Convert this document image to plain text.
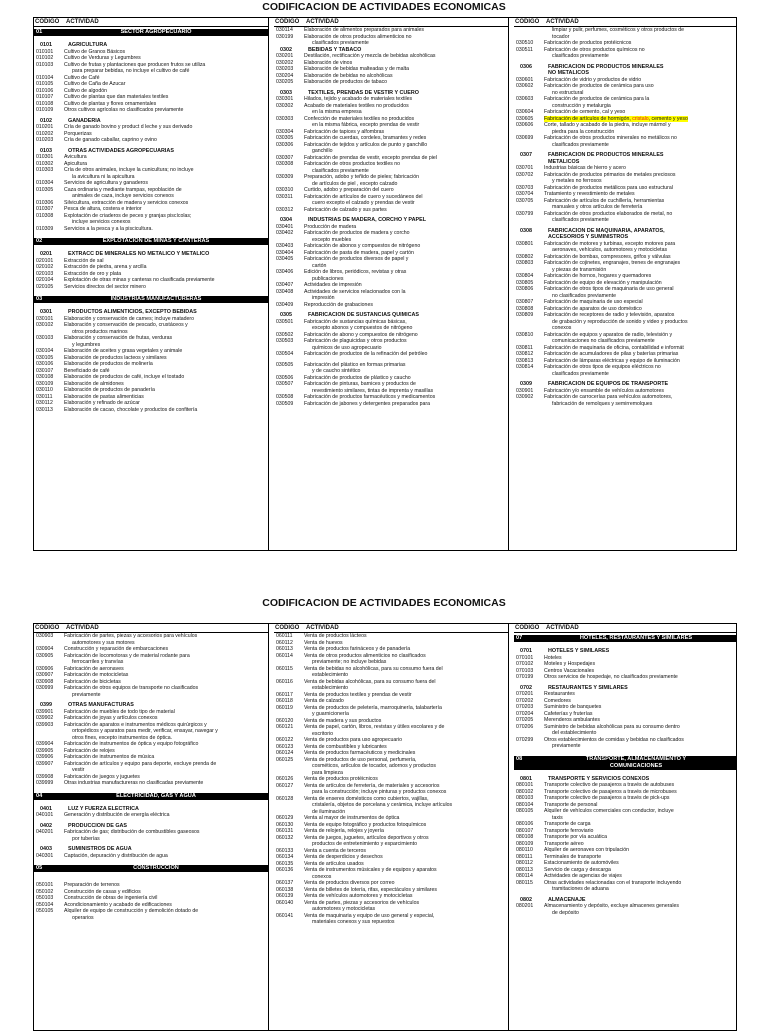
CODIFICACION DE ACTIVIDADES ECONOMICAS
CODIGO	ACTIVIDAD
01	SECTOR AGROPECUARIO
0101	AGRICULTURA
010101	Cultivo de Granos Básicos
010102	Cultivo de Verduras y Legumbres
010103	Cultivo de frutas y plantaciones que producen frutos se utiliza
para preparar bebidas, no incluye el cultivo de café
010104	Cultivo de Café
010105	Cultivo de Caña de Azucar
010106	Cultivo de algodón
010107	Cultivo de plantas que dan materiales textiles
010108	Cultivo de plantas y flores ornamentales
010109	Otros cultivos agrícolas no clasificados previamente
0102	GANADERIA
010201	Cría de ganado bovino y product d leche y sus derivado
010202	Porquerizas
010203	Cría de ganado caballar, caprino y ovino
0103	OTRAS ACTIVIDADES AGROPECUARIAS
010301	Avicultura
010302	Apicultura
010303	Cría de otros animales, incluye la cunicultura; no incluye
la avicultura ni la apicultura
010304	Servicios de agricultura y ganaderos
010305	Caza ordinaria y mediante trampas, repoblación de
animales de caza, incluye servicios conexos
010306	Silvicultura, extracción de madera y servicios conexos
010307	Pesca de altura, costera e interior
010308	Explotación de criaderos de peces y granjas piscícolas;
incluye servicios conexos
010309	Servicios a la pesca y a la piscicultura.
02	EXPLOTACION DE MINAS Y CANTERAS
0201	EXTRACC DE MINERALES NO METALICO Y METALICO
020101	Extracción de sal
020102	Extracción de piedra, arena y arcilla
020103	Extracción de oro y plata
020104	Explotación de otras minas y canteras no clasificada previamente
020105	Servicios directos del sector minero
03	INDUSTRIAS MANUFACTURERAS
0301	PRODUCTOS ALIMENTICIOS, EXCEPTO BEBIDAS
030101	Elaboración y conservación de carnes; incluye matadero
030102	Elaboración y conservación de pescado, crustáceos y
otros productos marinos
030103	Elaboración y conservación de frutas, verduras
y legumbres
030104	Elaboración de aceites y grasa vegetales y animale
030105	Elaboración de productos lacteos y similares
030106	Elaboración de productos de molinería
030107	Beneficiado de café
030108	Elaboración de productos de café, incluye el tostado
030109	Elaboración de almidones
030110	Elaboración de productos de panadería
030111	Elaboración de pastas alimenticias
030112	Elaboración y refinado de azúcar
030113	Elaboración de cacao, chocolate y productos de confitería
CODIGO	ACTIVIDAD
030114	Elaboración de alimentos preparados para animales
030199	Elaboración de otros productos alimenticios no
clasificados previamente
0302	BEBIDAS Y TABACO
030201	Destilación, rectificación y mezcla de bebidas alcohólicas
030202	Elaboración de vinos
030203	Elaboración de bebidas malteadas y de malta
030204	Elaboración de bebidas no alcohólicas
030205	Elaboración de productos de tabaco
0303	TEXTILES, PRENDAS DE VESTIR Y CUERO
030301	Hilados, tejido y acabado de materiales textiles
030302	Acabado de materiales textiles no producidos
en la misma empresa
030303	Confección de materiales textiles no producidos
en la misma fábrica, excepto prendas de vestir
030304	Fabricación de tapices y alfombras
030305	Fabricación de cuerdas, cordeles, bramantes y redes
030306	Fabricación de tejidos y artículos de punto y ganchillo
ganchillo
030307	Fabricación de prendas de vestir, excepto prendas de piel
030308	Fabricación de otros productos textiles no
clasificados previamente
030309	Preparación, adobo y teñido de pieles; fabricación
de artículos de piel , excepto calzado
030310	Curtido, adobo y preparación del cuero
030311	Fabricación de artículos de cuero y sucedáneos del
cuero excepto el calzado y prendas de vestir
030312	Fabricación de calzado y sus partes
0304	INDUSTRIAS DE MADERA, CORCHO Y PAPEL
030401	Producción de madera
030402	Fabricación de productos de madera y corcho
excepto muebles
030403	Fabricación de abonos y compuestos de nitrógeno
030404	Fabricación de pasta de madera, papel y cartón
030405	Fabricación de productos diversos de papel y
cartón
030406	Edición de libros, periódicos, revistas y otras
publicaciones
030407	Actividades de impresión
030408	Actividades de servicios relacionados con la
impresión
030409	Reproducción de grabaciones
0305	FABRICACION DE SUSTANCIAS QUIMICAS
030501	Fabricación de sustancias químicas básicas,
excepto abonos y compuestos de nitrógeno
030502	Fabricación de abono y compuestos de nitrógeno
030503	Fabricación de plaguicidas y otros productos
químicos de uso agropecuario
030504	Fabricación de productos de la refinación del petróleo
030505	Fabricación del plástico en formas primarias
y de caucho sintético
030506	Fabricación de productos de plástico y caucho
030507	Fabricación de pinturas, barnices y productos de
revestimiento similares, tintas de imprenta y masillas
030508	Fabricación de productos farmacéuticos y medicamentos
030509	Fabricación de jabones y detergentes preparados para
CODIGO	ACTIVIDAD
limpiar y pulir, perfumes, cosméticos y otros productos de
tocador
030510	Fabricación de productos protéicnicos
030511	Fabricación de otros productos químicos no
clasificados previamente
0306	FABRICACION DE PRODUCTOS MINERALES
NO METALICOS
030601	Fabricación de vidrio y productos de vidrio
030602	Fabricación de productos de cerámica para uso
no estructural
030603	Fabricación de productos de cerámica para la
construcción y metalurgia
030604	Fabricación de cemento, cal y yeso
030605	Fabricación de artículos de hormigón, cristalo, cemento y yeso
030606	Corte, tallado y acabado de la piedra, incluye mármol y
piedra para la construcción
030699	Fabricación de otros productos minerales no metálicos no
clasificados previamente
0307	FABRICACION DE PRODUCTOS MINERALES
METALICOS
030701	Industrias básicas de hierro y acero
030702	Fabricación de productos primarios de metales preciosos
y metales no ferrosos
030703	Fabricación de productos metálicos para uso estructural
030704	Tratamiento y revestimiento de metales
030705	Fabricación de artículos de cuchillería, herramientas
manuales y otros artículos de ferretería
030799	Fabricación de otros productos elaborados de metal, no
clasificados previamente
0308	FABRICACION DE MAQUINARIA, APARATOS,
ACCESORIOS Y SUMINISTROS
030801	Fabricación de motores y turbinas, excepto motores para
aeronaves, vehículos, automotores y motocicletas
030802	Fabricación de bombas, compresores, grifos y válvulas
030803	Fabricación de cojinetes, engranajes, trenes de engranajes
y piezas de transmisión
030804	Fabricación de hornos, hogares y quemadores
030805	Fabricación de equipo de elevación y manipulación
030806	Fabricación de otros tipos de maquinaria de uso general
no clasificados previamente
030807	Fabricación de maquinaria de uso especial
030808	Fabricación de aparatos de uso doméstico
030809	Fabricación de receptores de radio y televisión, aparatos
de grabación y reproducción de sonido y video y productos
conexos
030810	Fabricación de equipos y aparatos de radio, televisión y
comunicaciones no clasificados previamente
030811	Fabricación de maquinaria de oficina, contabilidad e informát
030812	Fabricación de acumuladores de pilas y baterías primarias
030813	Fabricación de lámparas eléctricas y equipo de iluminación
030814	Fabricación de otros tipos de equipos eléctricos no
clasificados previamente
0309	FABRICACION DE EQUIPOS DE TRANSPORTE
030901	Fabricación y/o ensamble de vehículos automotores
030902	Fabricación de carrocerías para vehículos automotores,
fabricación de remolques y semirremolques
CODIFICACION DE ACTIVIDADES ECONOMICAS
CODIGO	ACTIVIDAD
030903	Fabricación de partes, piezas y accesorios para vehículos
automotores y sus motores
030904	Construcción y reparación de embarcaciones
030905	Fabricación de locomotoras y de material rodante para
ferrocarriles y tranvías
030906	Fabricación de aeronaves
030907	Fabricación de motocicletas
030908	Fabricación de bicicletas
030999	Fabricación de otros equipos de transporte no clasificados
previamente
0399	OTRAS MANUFACTURAS
039901	Fabricación de muebles de todo tipo de material
039902	Fabricación de joyas y artículos conexos
039903	Fabricación de aparatos e instrumentos médicos quirúrgicos y
ortopédicos y aparatos para medir, verificar, ensayar, navegar y
otros fines, excepto instrumentos de óptica.
039904	Fabricación de instrumentos de óptica y equipo fotográfico
039905	Fabricación de relojes
039906	Fabricación de instrumentos de música
039907	Fabricación de artículos y equipo para deporte, excluye prenda de
vestir
039908	Fabricación de juegos y juguetes
039999	Otras industrias manufactureras no clasificadas previamente
04	ELECTRICIDAD, GAS Y AGUA
0401	LUZ Y FUERZA ELECTRICA
040101	Generación y distribución de energía eléctrica
0402	PRODUCCION DE GAS
040201	Fabricación de gas; distribución de combustibles gaseosos
por tuberías
0403	SUMINISTROS DE AGUA
040301	Captación, depuración y distribución de agua
05	CONSTRUCCION
050101	Preparación de terrenos
050102	Construcción de casas y edificios
050103	Construcción de obras de ingeniería civil
050104	Acondicionamiento y acabado de edificaciones
050105	Alquiler de equipo de construcción y demolición dotado de
operarios
CODIGO	ACTIVIDAD
060111	Venta de productos lácteos
060112	Venta de huevos
060113	Venta de productos farináceos y de panadería
060114	Venta de otros productos alimenticios no clasificados
previamente; no incluye bebidas
060115	Venta de bebidas no alcohólicas, para su consumo fuera del
establecimiento
060116	Venta de bebidas alcohólicas, para su consumo fuera del
establecimiento
060117	Venta de productos textiles y prendas de vestir
060118	Venta de calzado
060119	Venta de productos de peletería, marroquinería, talabartería
y guarnicionería
060120	Venta de madera y sus productos
060121	Venta de papel, cartón, libros, revistas y útiles escolares y de
escritorio
060122	Venta de productos para uso agropecuario
060123	Venta de combustibles y lubricantes
060124	Venta de productos farmacéuticos y medicinales
060125	Venta de productos de uso personal, perfumería,
cosméticos, artículos de tocador, adornos y productos
para limpieza
060126	Venta de productos protéicnicos
060127	Venta de artículos de ferretería, de materiales y accesorios
para la construcción; incluye pinturas y productos conexos
060128	Venta de enseres domésticos como cubiertos, vajillas,
cristalería, objetos de porcelana y cerámica, incluye artículos
de iluminación
060129	Venta al mayor de instrumentos de óptica
060130	Venta de equipo fotográfico y productos fotoquímicos
060131	Venta de relojería, relojes y joyería
060132	Venta de juegos, juguetes, artículos deportivos y otros
productos de entretenimiento y esparcimiento
060133	Venta a cuenta de terceros
060134	Venta de desperdicios y desechos
060135	Venta de artículos usados
060136	Venta de instrumentos músicales y de equipos y aparatos
conexos
060137	Venta de productos diversos por correo
060138	Venta de billetes de lotería, rifas, espectáculos y similares
060139	Venta de vehículos automotores y motocicletas
060140	Venta de partes, piezas y accesorios de vehículos
automotores y motocicletas
060141	Venta de maquinaria y equipo de uso general y especial,
materiales conexos y sus repuestos
CODIGO	ACTIVIDAD
07	HOTELES, RESTAURANTES Y SIMILARES
0701	HOTELES Y SIMILARES
070101	Hoteles
070102	Moteles y Hospedajes
070103	Centros Vacacionales
070199	Otros servicios de hospedaje, no clasificados previamente
0702	RESTAURANTES Y SIMILARES
070201	Restaurantes
070202	Comedores
070203	Suministro de banquetes
070204	Cafeterías y fruterías
070205	Merenderos ambulantes
070206	Suministro de bebidas alcohólicas para su consumo dentro
del establecimiento
070299	Otros establecimientos de comidas y bebidas no clasificados
previamente
08	TRANSPORTE, ALMACENAMIENTO Y
COMUNICACIONES
0801	TRANSPORTE Y SERVICIOS CONEXOS
080101	Transporte colectivo de pasajeros a través de autobuses
080102	Transporte colectivo de pasajeros a través de microbuses
080103	Transporte colectivo de pasajeros a través de pick-ups
080104	Transporte de personal
080105	Alquiler de vehículos comerciales con conductor, incluye
taxis
080106	Transporte de carga
080107	Transporte ferroviario
080108	Transporte por vía acuática
080109	Transporte aéreo
080110	Alquiler de aeronaves con tripulación
080111	Terminales de transporte
080112	Estacionamiento de automóviles
080113	Servicio de carga y descarga
080114	Actividades de agencias de viajes
080115	Otras actividades relacionadas con el transporte incluyendo
tramitaciones de aduana
0802	ALMACENAJE
080201	Almacenamiento y depósito, excluye almacenes generales
de depósito
